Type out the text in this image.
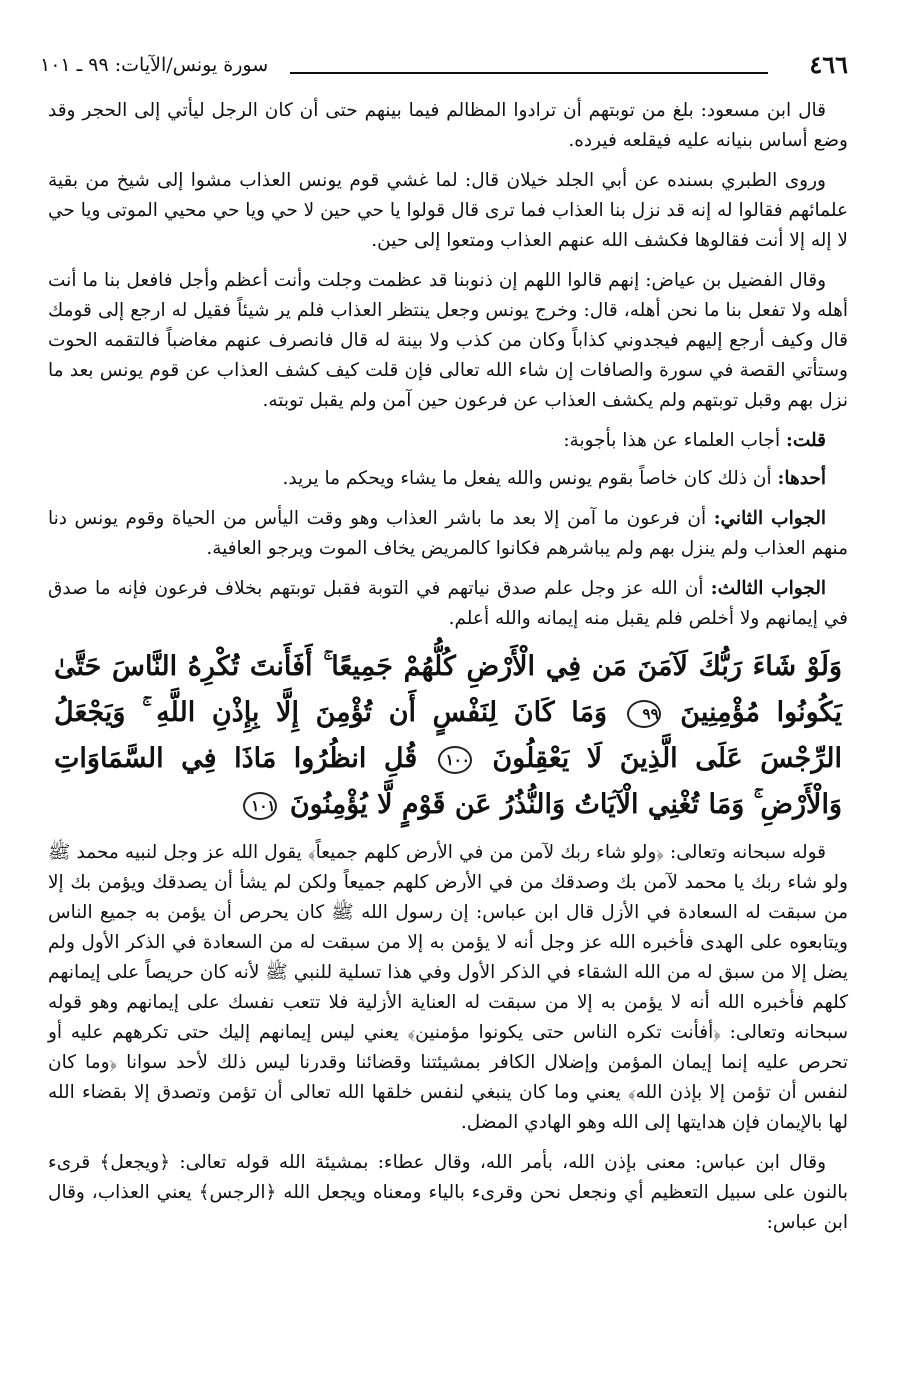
٤٦٦
سورة يونس/الآيات: ٩٩ ـ ١٠١

قال ابن مسعود: بلغ من توبتهم أن ترادوا المظالم فيما بينهم حتى أن كان الرجل ليأتي إلى الحجر وقد وضع أساس بنيانه عليه فيقلعه فيرده.

وروى الطبري بسنده عن أبي الجلد خيلان قال: لما غشي قوم يونس العذاب مشوا إلى شيخ من بقية علمائهم فقالوا له إنه قد نزل بنا العذاب فما ترى قال قولوا يا حي حين لا حي ويا حي محيي الموتى ويا حي لا إله إلا أنت فقالوها فكشف الله عنهم العذاب ومتعوا إلى حين.

وقال الفضيل بن عياض: إنهم قالوا اللهم إن ذنوبنا قد عظمت وجلت وأنت أعظم وأجل فافعل بنا ما أنت أهله ولا تفعل بنا ما نحن أهله، قال: وخرج يونس وجعل ينتظر العذاب فلم ير شيئاً فقيل له ارجع إلى قومك قال وكيف أرجع إليهم فيجدوني كذاباً وكان من كذب ولا بينة له قال فانصرف عنهم مغاضباً فالتقمه الحوت وستأتي القصة في سورة والصافات إن شاء الله تعالى فإن قلت كيف كشف العذاب عن قوم يونس بعد ما نزل بهم وقبل توبتهم ولم يكشف العذاب عن فرعون حين آمن ولم يقبل توبته.

قلت: أجاب العلماء عن هذا بأجوبة:

أحدها: أن ذلك كان خاصاً بقوم يونس والله يفعل ما يشاء ويحكم ما يريد.

الجواب الثاني: أن فرعون ما آمن إلا بعد ما باشر العذاب وهو وقت اليأس من الحياة وقوم يونس دنا منهم العذاب ولم ينزل بهم ولم يباشرهم فكانوا كالمريض يخاف الموت ويرجو العافية.

الجواب الثالث: أن الله عز وجل علم صدق نياتهم في التوبة فقبل توبتهم بخلاف فرعون فإنه ما صدق في إيمانهم ولا أخلص فلم يقبل منه إيمانه والله أعلم.

وَلَوْ شَاءَ رَبُّكَ لَآمَنَ مَن فِي الْأَرْضِ كُلُّهُمْ جَمِيعًا ۚ أَفَأَنتَ تُكْرِهُ النَّاسَ حَتَّىٰ يَكُونُوا مُؤْمِنِينَ ٩٩ وَمَا كَانَ لِنَفْسٍ أَن تُؤْمِنَ إِلَّا بِإِذْنِ اللَّهِ ۚ وَيَجْعَلُ الرِّجْسَ عَلَى الَّذِينَ لَا يَعْقِلُونَ ١٠٠ قُلِ انظُرُوا مَاذَا فِي السَّمَاوَاتِ وَالْأَرْضِ ۚ وَمَا تُغْنِي الْآيَاتُ وَالنُّذُرُ عَن قَوْمٍ لَّا يُؤْمِنُونَ ١٠١

قوله سبحانه وتعالى: ﴿ولو شاء ربك لآمن من في الأرض كلهم جميعاً﴾ يقول الله عز وجل لنبيه محمد ﷺ ولو شاء ربك يا محمد لآمن بك وصدقك من في الأرض كلهم جميعاً ولكن لم يشأ أن يصدقك ويؤمن بك إلا من سبقت له السعادة في الأزل قال ابن عباس: إن رسول الله ﷺ كان يحرص أن يؤمن به جميع الناس ويتابعوه على الهدى فأخبره الله عز وجل أنه لا يؤمن به إلا من سبقت له من السعادة في الذكر الأول ولم يضل إلا من سبق له من الله الشقاء في الذكر الأول وفي هذا تسلية للنبي ﷺ لأنه كان حريصاً على إيمانهم كلهم فأخبره الله أنه لا يؤمن به إلا من سبقت له العناية الأزلية فلا تتعب نفسك على إيمانهم وهو قوله سبحانه وتعالى: ﴿أفأنت تكره الناس حتى يكونوا مؤمنين﴾ يعني ليس إيمانهم إليك حتى تكرههم عليه أو تحرص عليه إنما إيمان المؤمن وإضلال الكافر بمشيئتنا وقضائنا وقدرنا ليس ذلك لأحد سوانا ﴿وما كان لنفس أن تؤمن إلا بإذن الله﴾ يعني وما كان ينبغي لنفس خلقها الله تعالى أن تؤمن وتصدق إلا بقضاء الله لها بالإيمان فإن هدايتها إلى الله وهو الهادي المضل.

وقال ابن عباس: معنى بإذن الله، بأمر الله، وقال عطاء: بمشيئة الله قوله تعالى: ﴿ويجعل﴾ قرىء بالنون على سبيل التعظيم أي ونجعل نحن وقرىء بالياء ومعناه ويجعل الله ﴿الرجس﴾ يعني العذاب، وقال ابن عباس:
